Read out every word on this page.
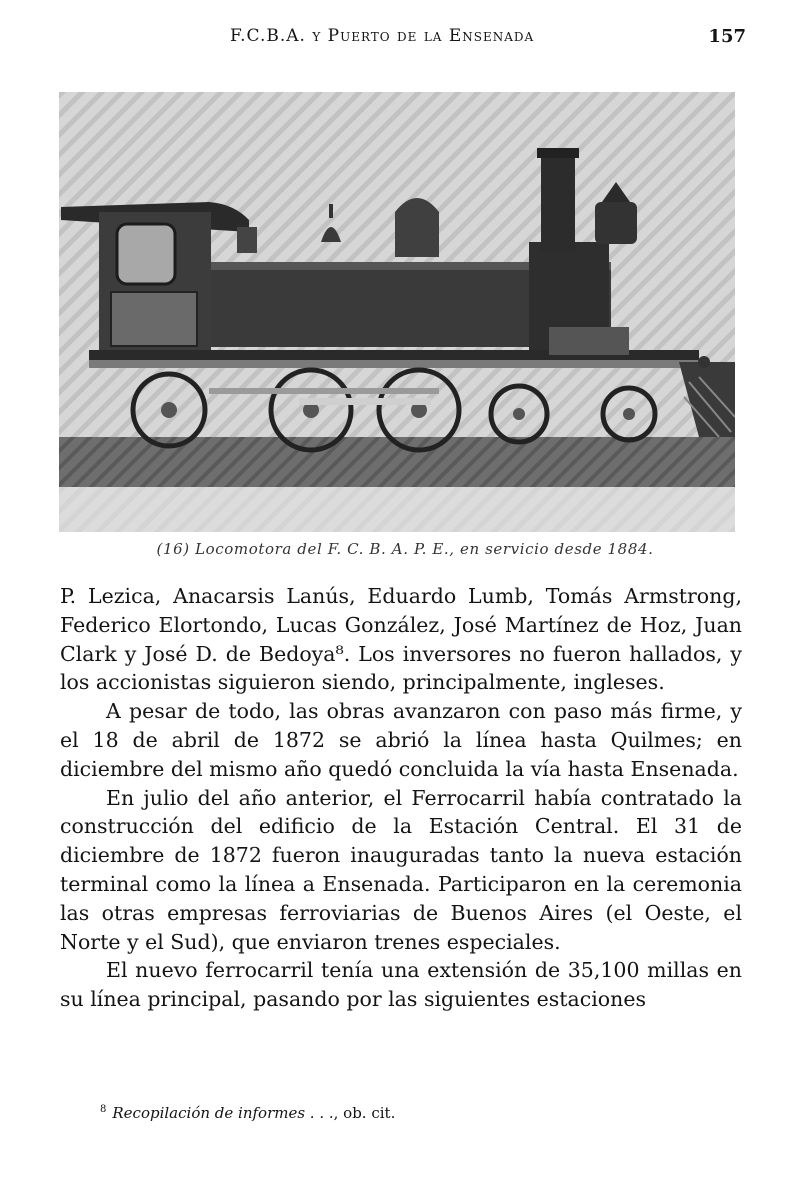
F.C.B.A. y Puerto de la Ensenada	157
(16) Locomotora del F. C. B. A. P. E., en servicio desde 1884.

P. Lezica, Anacarsis Lanús, Eduardo Lumb, Tomás Armstrong, Federico Elortondo, Lucas González, José Martínez de Hoz, Juan Clark y José D. de Bedoya⁸. Los inversores no fueron hallados, y los accionistas siguieron siendo, principalmente, ingleses.

A pesar de todo, las obras avanzaron con paso más firme, y el 18 de abril de 1872 se abrió la línea hasta Quilmes; en diciembre del mismo año quedó concluida la vía hasta Ensenada.

En julio del año anterior, el Ferrocarril había contratado la construcción del edificio de la Estación Central. El 31 de diciembre de 1872 fueron inauguradas tanto la nueva estación terminal como la línea a Ensenada. Participaron en la ceremonia las otras empresas ferroviarias de Buenos Aires (el Oeste, el Norte y el Sud), que enviaron trenes especiales.

El nuevo ferrocarril tenía una extensión de 35,100 millas en su línea principal, pasando por las siguientes estaciones

$^8$ Recopilación de informes . . ., ob. cit.
